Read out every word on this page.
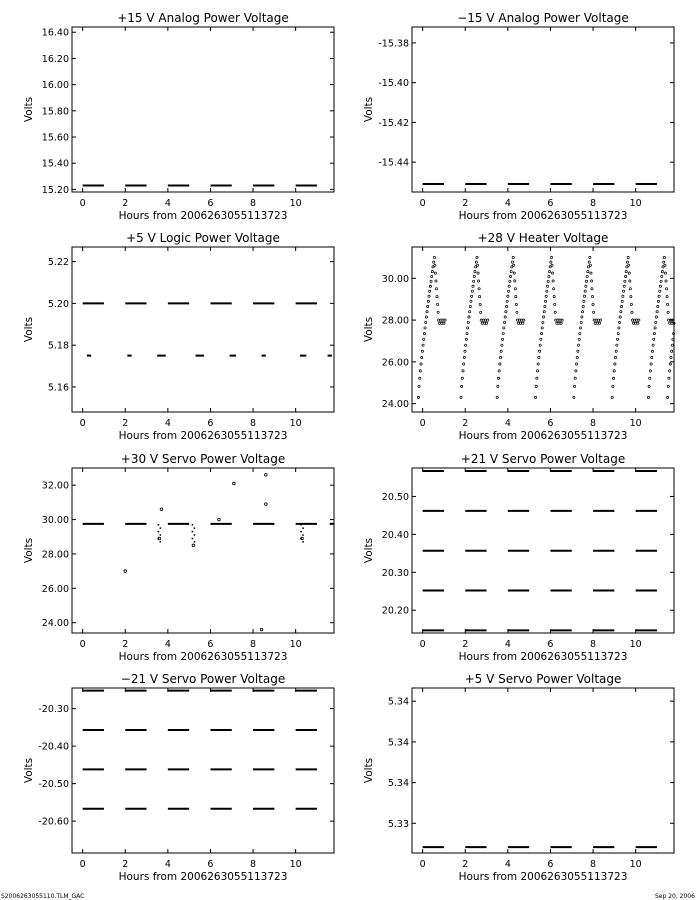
+15 V Analog Power Voltage
0	2	4	6	8	10
15.20
15.40
15.60
15.80
16.00
16.20
16.40
Hours from 2006263055113723
Volts
−15 V Analog Power Voltage
0	2	4	6	8	10
-15.44
-15.42
-15.40
-15.38
Hours from 2006263055113723
Volts
+5 V Logic Power Voltage
0	2	4	6	8	10
5.16
5.18
5.20
5.22
Hours from 2006263055113723
Volts
+28 V Heater Voltage
0	2	4	6	8	10
24.00
26.00
28.00
30.00
Hours from 2006263055113723
Volts
+30 V Servo Power Voltage
0	2	4	6	8	10
24.00
26.00
28.00
30.00
32.00
Hours from 2006263055113723
Volts
+21 V Servo Power Voltage
0	2	4	6	8	10
20.20
20.30
20.40
20.50
Hours from 2006263055113723
Volts
−21 V Servo Power Voltage
0	2	4	6	8	10
-20.60
-20.50
-20.40
-20.30
Hours from 2006263055113723
Volts
+5 V Servo Power Voltage
0	2	4	6	8	10
5.33
5.34
5.34
5.34
Hours from 2006263055113723
Volts
S2006263055110.TLM_GAC	Sep 20, 2006
